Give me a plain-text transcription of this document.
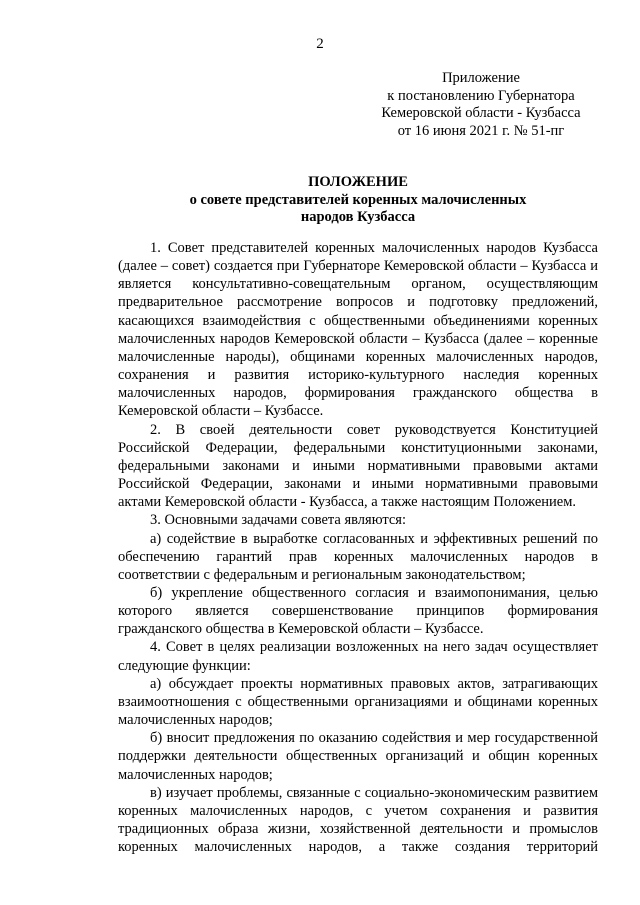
2
Приложение
к постановлению Губернатора
Кемеровской области - Кузбасса
от 16 июня 2021 г. № 51-пг
ПОЛОЖЕНИЕ
о совете представителей коренных малочисленных
народов Кузбасса

1. Совет представителей коренных малочисленных народов Кузбасса (далее – совет) создается при Губернаторе Кемеровской области – Кузбасса и является консультативно-совещательным органом, осуществляющим предварительное рассмотрение вопросов и подготовку предложений, касающихся взаимодействия с общественными объединениями коренных малочисленных народов Кемеровской области – Кузбасса (далее – коренные малочисленные народы), общинами коренных малочисленных народов, сохранения и развития историко-культурного наследия коренных малочисленных народов, формирования гражданского общества в Кемеровской области – Кузбассе.

2. В своей деятельности совет руководствуется Конституцией Российской Федерации, федеральными конституционными законами, федеральными законами и иными нормативными правовыми актами Российской Федерации, законами и иными нормативными правовыми актами Кемеровской области - Кузбасса, а также настоящим Положением.

3. Основными задачами совета являются:

а) содействие в выработке согласованных и эффективных решений по обеспечению гарантий прав коренных малочисленных народов в соответствии с федеральным и региональным законодательством;

б) укрепление общественного согласия и взаимопонимания, целью которого является совершенствование принципов формирования гражданского общества в Кемеровской области – Кузбассе.

4. Совет в целях реализации возложенных на него задач осуществляет следующие функции:

а) обсуждает проекты нормативных правовых актов, затрагивающих взаимоотношения с общественными организациями и общинами коренных малочисленных народов;

б) вносит предложения по оказанию содействия и мер государственной поддержки деятельности общественных организаций и общин коренных малочисленных народов;

в) изучает проблемы, связанные с социально-экономическим развитием коренных малочисленных народов, с учетом сохранения и развития традиционных образа жизни, хозяйственной деятельности и промыслов коренных малочисленных народов, а также создания территорий
